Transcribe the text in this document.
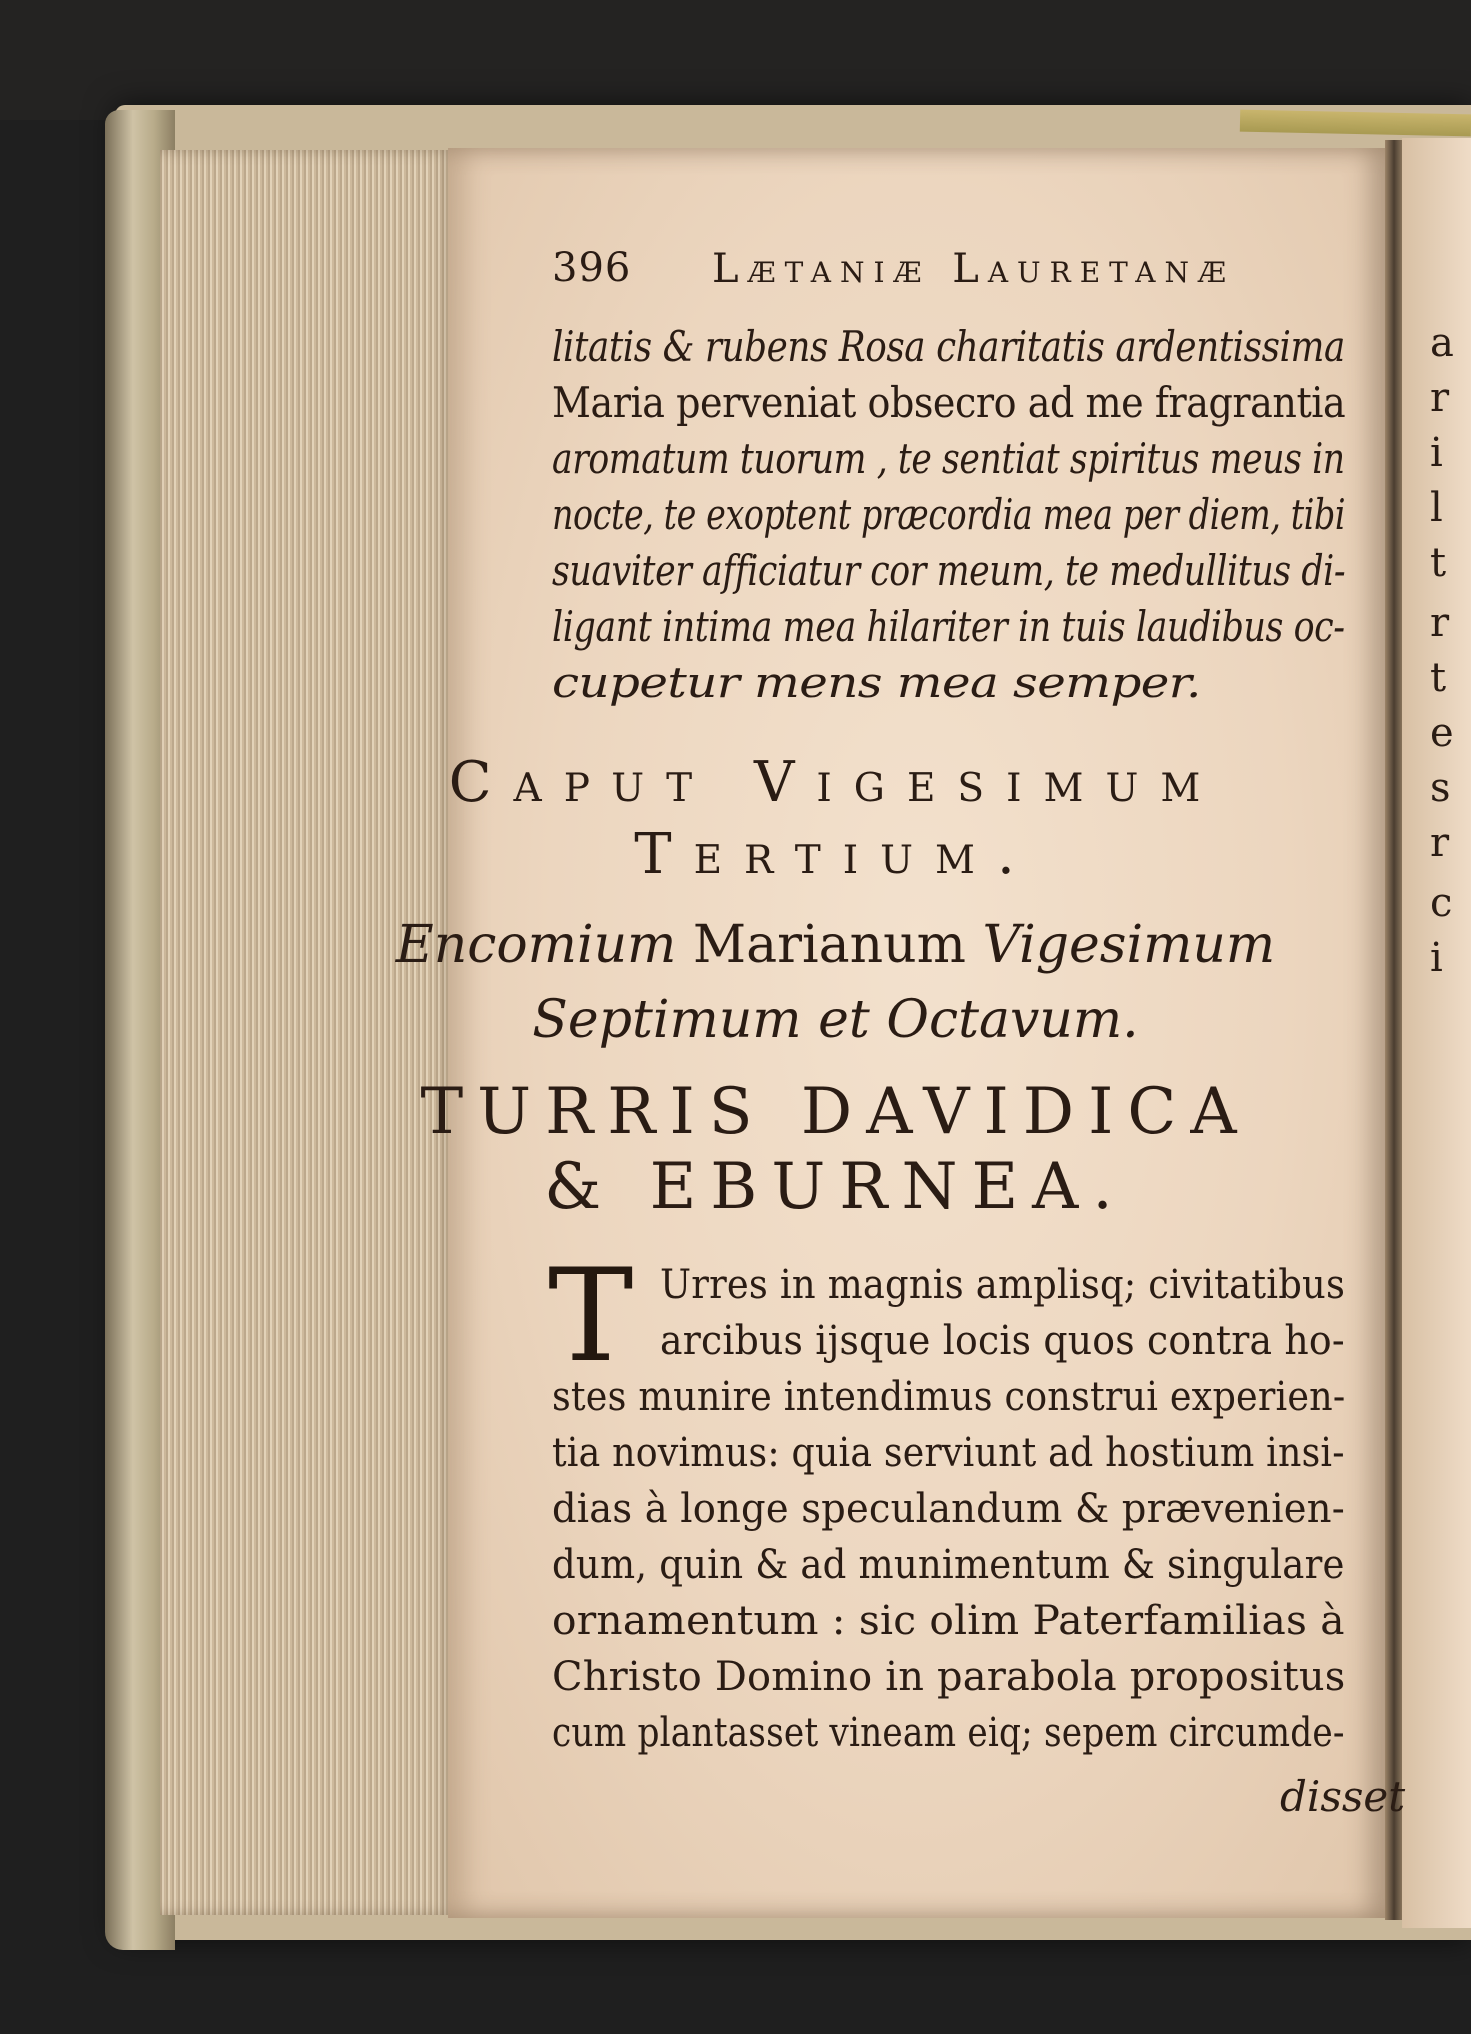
396 Lætaniæ Lauretanæ
litatis & rubens Rosa charitatis ardentissima
Maria perveniat obsecro ad me fragrantia
aromatum tuorum , te sentiat spiritus meus in
nocte, te exoptent præcordia mea per diem, tibi
suaviter afficiatur cor meum, te medullitus di-
ligant intima mea hilariter in tuis laudibus oc-
cupetur mens mea semper.
Caput Vigesimum
Tertium.
Encomium Marianum Vigesimum
Septimum et Octavum.
TURRIS DAVIDICA
& EBURNEA.
T Urres in magnis amplisq; civitatibus
arcibus ijsque locis quos contra ho-
stes munire intendimus construi experien-
tia novimus: quia serviunt ad hostium insi-
dias à longe speculandum & prævenien-
dum, quin & ad munimentum & singulare
ornamentum : sic olim Paterfamilias à
Christo Domino in parabola propositus
cum plantasset vineam eiq; sepem circumde-
disset
a
r
i
l
t
r
t
e
s
r
c
i
